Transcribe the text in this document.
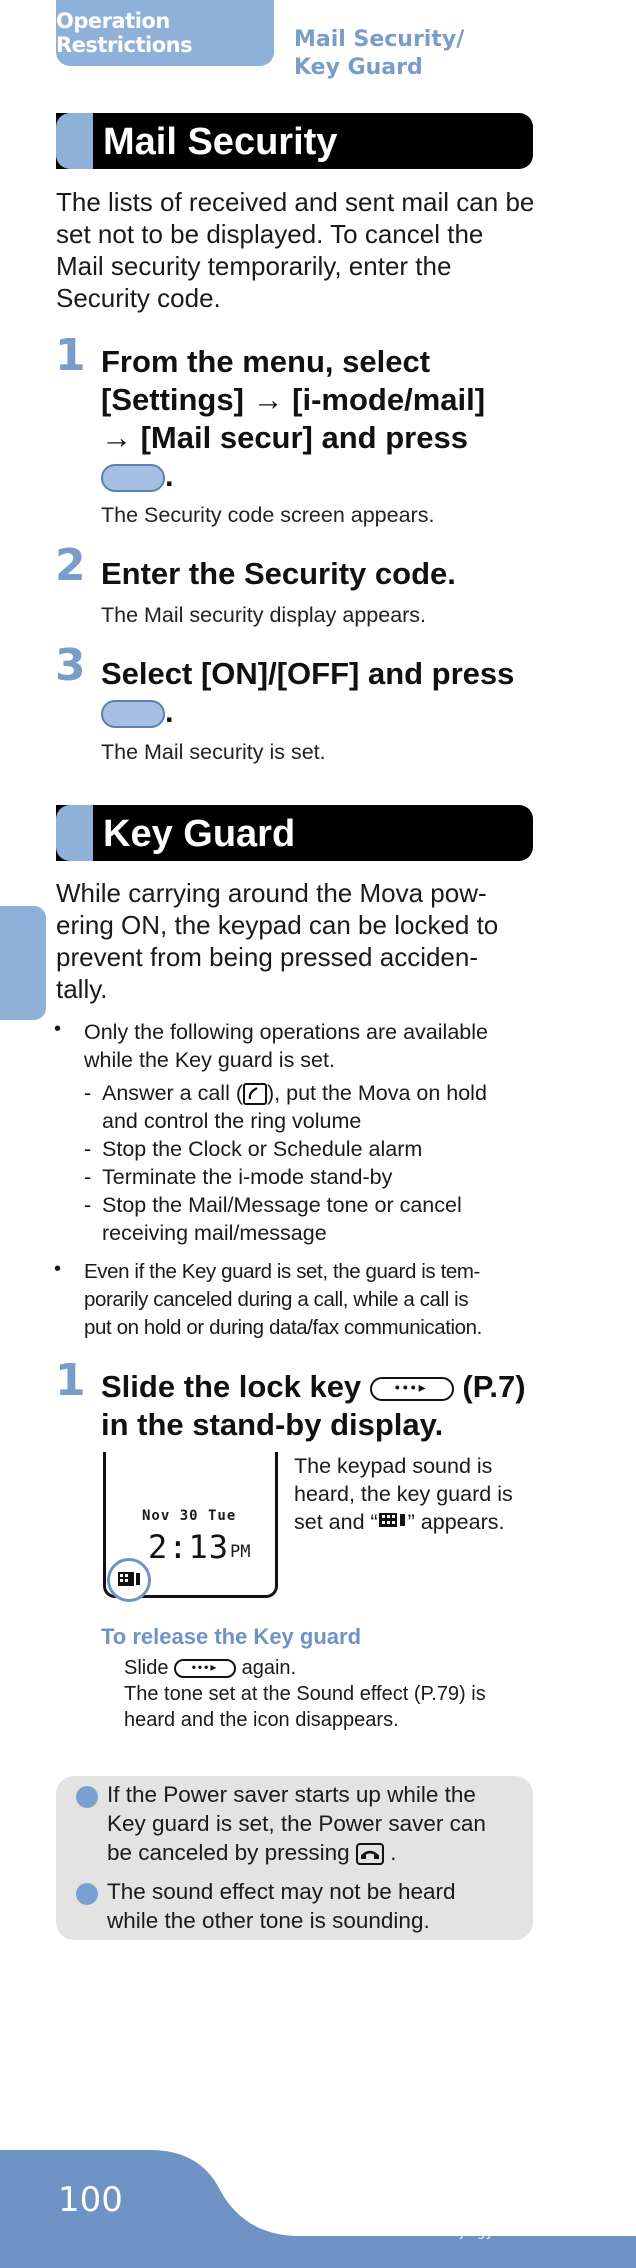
Operation Restrictions	Mail Security/
Key Guard
Mail Security
The lists of received and sent mail can be set not to be displayed. To cancel the Mail security temporarily, enter the Security code.
1 From the menu, select
[Settings] → [i-mode/mail]
→ [Mail secur] and press
.
The Security code screen appears.
2 Enter the Security code.
The Mail security display appears.
3 Select [ON]/[OFF] and press
.
The Mail security is set.
Key Guard
While carrying around the Mova pow-
ering ON, the keypad can be locked to
prevent from being pressed acciden-
tally.
• Only the following operations are available
while the Key guard is set.
- Answer a call ( ), put the Mova on hold
and control the ring volume
- Stop the Clock or Schedule alarm
- Terminate the i-mode stand-by
- Stop the Mail/Message tone or cancel
receiving mail/message
• Even if the Key guard is set, the guard is tem-
porarily canceled during a call, while a call is
put on hold or during data/fax communication.
1 Slide the lock key •••▸ (P.7)
in the stand-by display.
Nov 30 Tue
2:13 PM
The keypad sound is
heard, the key guard is
set and “ ” appears.
To release the Key guard
Slide •••▸ again.
The tone set at the Sound effect (P.79) is
heard and the icon disappears.
If the Power saver starts up while the
Key guard is set, the Power saver can
be canceled by pressing .
The sound effect may not be heard
while the other tone is sounding.
100	Bai竹经验
jingyan.baidu.com
